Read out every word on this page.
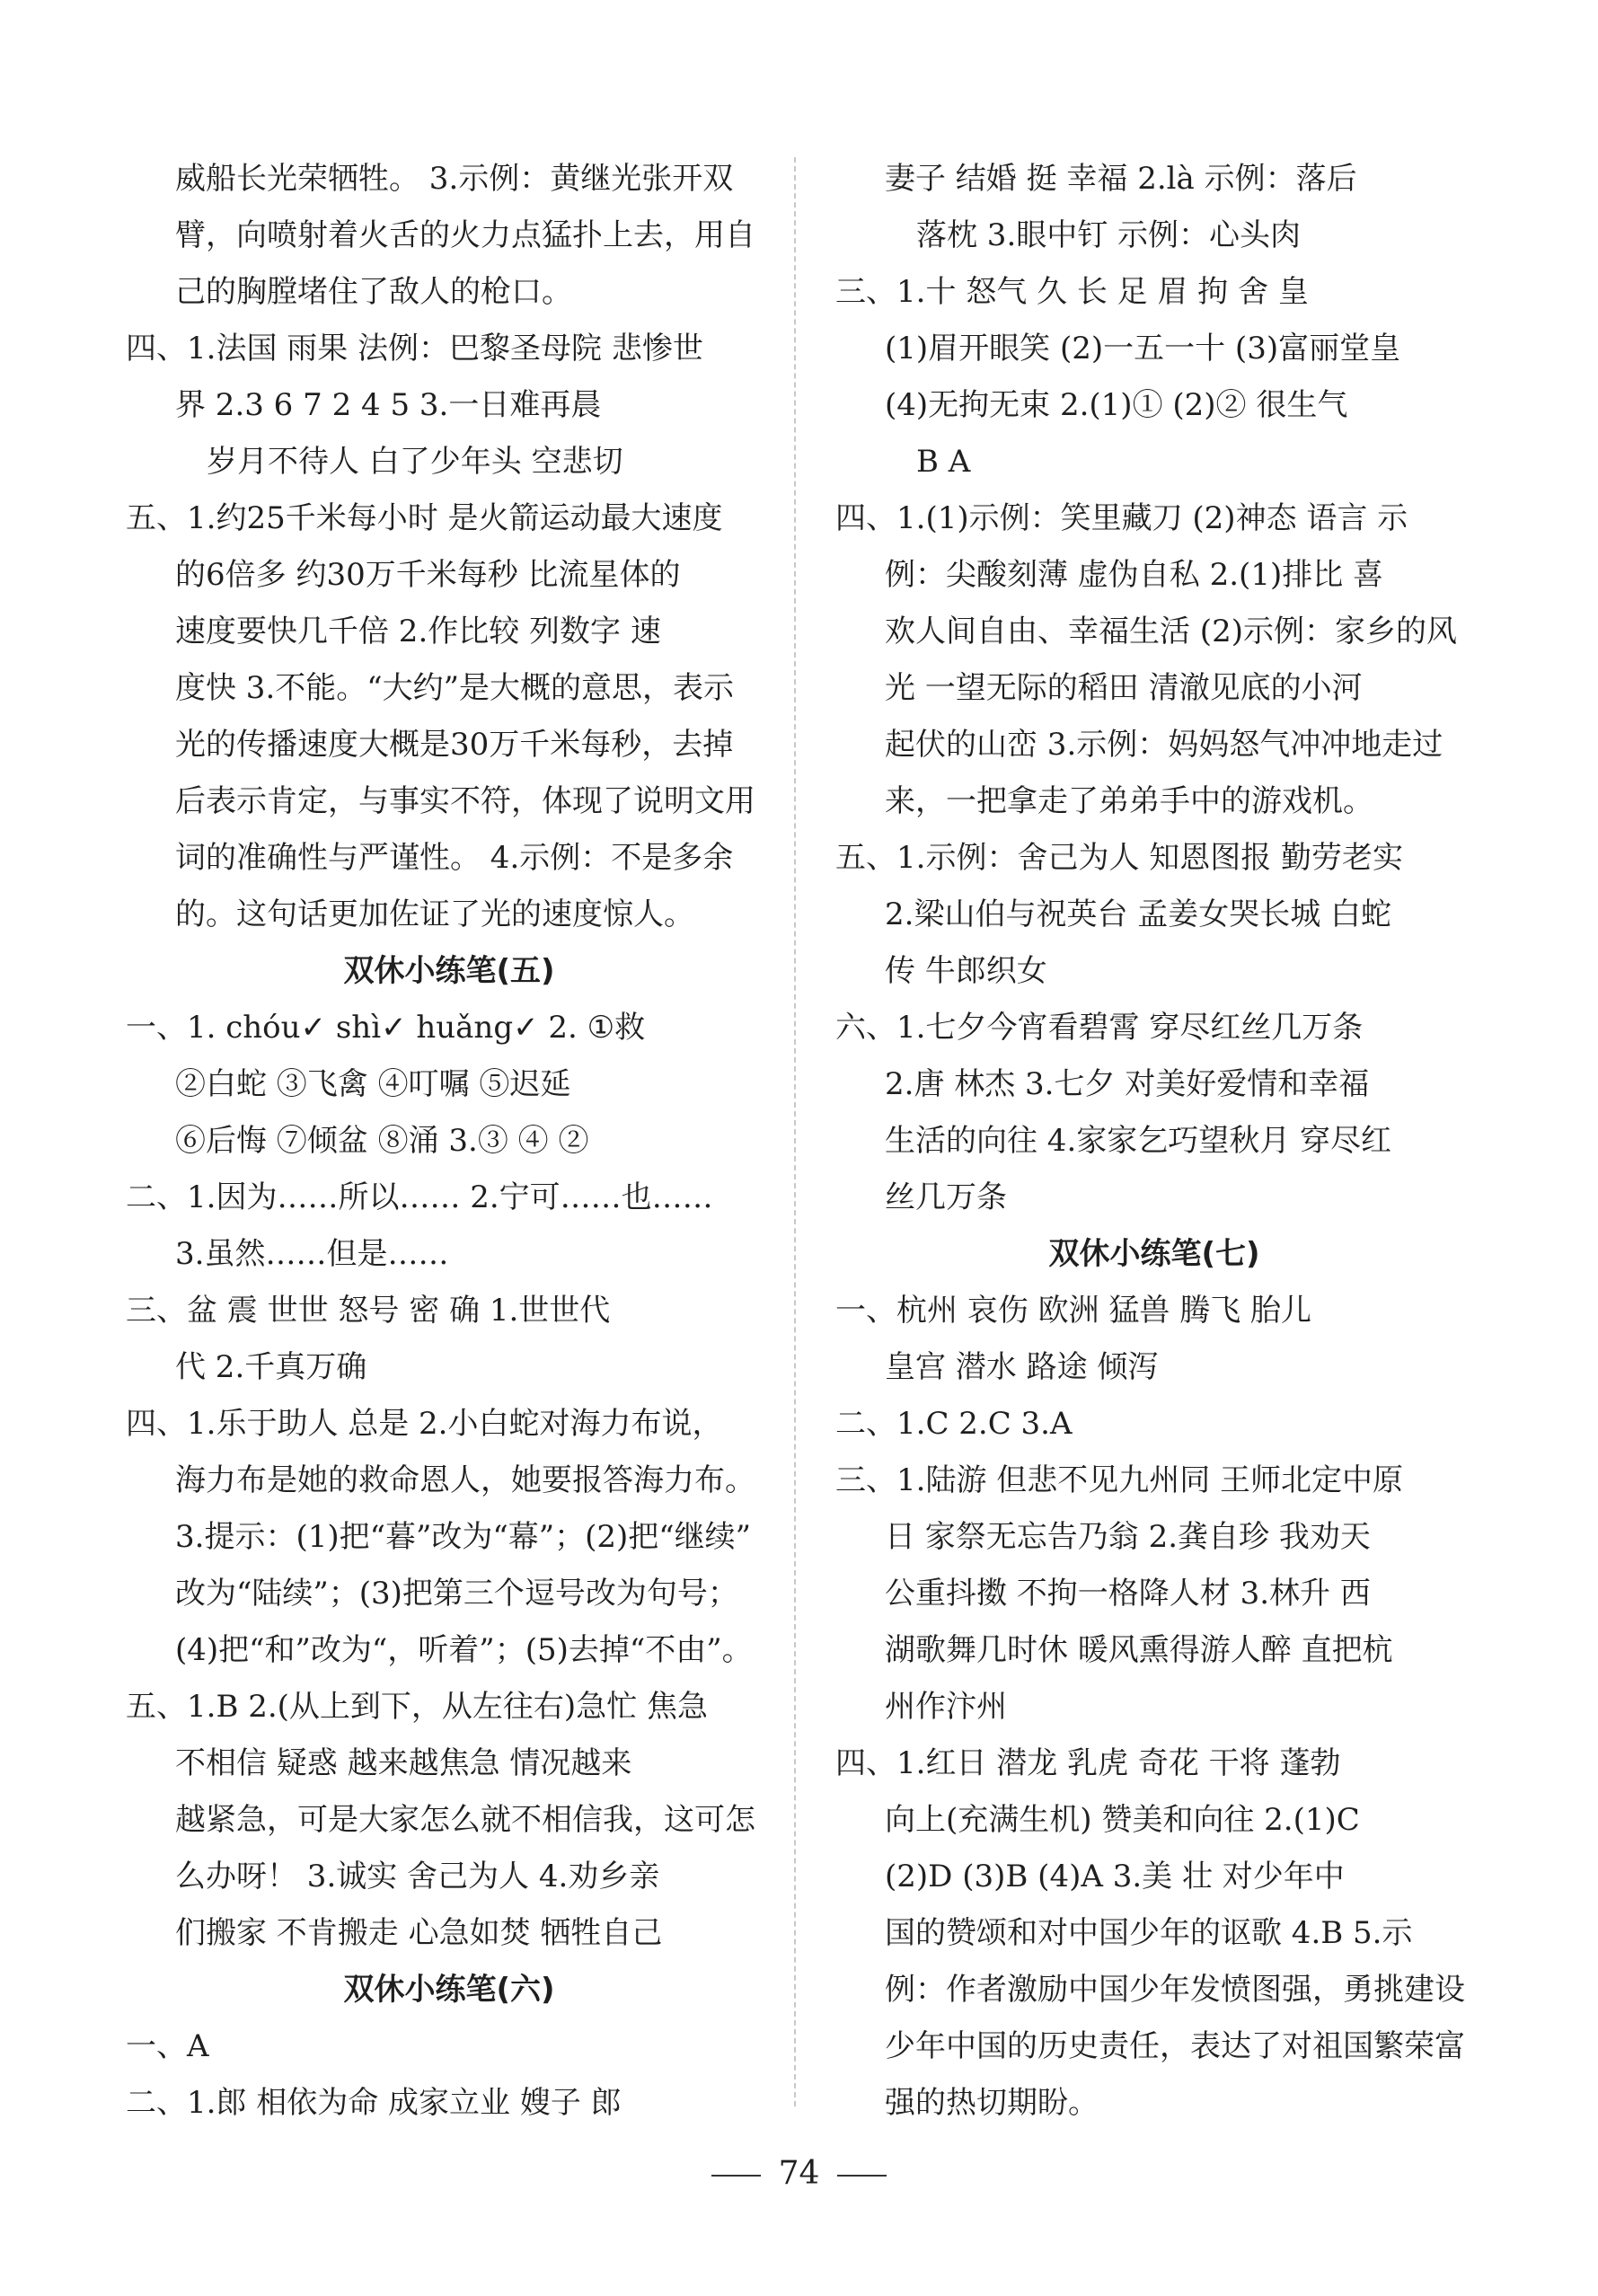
威船长光荣牺牲。 3.示例：黄继光张开双
臂，向喷射着火舌的火力点猛扑上去，用自
己的胸膛堵住了敌人的枪口。
四、1.法国 雨果 法例：巴黎圣母院 悲惨世
界 2.3 6 7 2 4 5 3.一日难再晨
岁月不待人 白了少年头 空悲切
五、1.约25千米每小时 是火箭运动最大速度
的6倍多 约30万千米每秒 比流星体的
速度要快几千倍 2.作比较 列数字 速
度快 3.不能。“大约”是大概的意思，表示
光的传播速度大概是30万千米每秒，去掉
后表示肯定，与事实不符，体现了说明文用
词的准确性与严谨性。 4.示例：不是多余
的。这句话更加佐证了光的速度惊人。
双休小练笔(五)
一、1. chóu✓ shì✓ huǎng✓ 2. ①救
②白蛇 ③飞禽 ④叮嘱 ⑤迟延
⑥后悔 ⑦倾盆 ⑧涌 3.③ ④ ②
二、1.因为……所以…… 2.宁可……也……
3.虽然……但是……
三、盆 震 世世 怒号 密 确 1.世世代
代 2.千真万确
四、1.乐于助人 总是 2.小白蛇对海力布说，
海力布是她的救命恩人，她要报答海力布。
3.提示：(1)把“暮”改为“幕”；(2)把“继续”
改为“陆续”；(3)把第三个逗号改为句号；
(4)把“和”改为“，听着”；(5)去掉“不由”。
五、1.B 2.(从上到下，从左往右)急忙 焦急
不相信 疑惑 越来越焦急 情况越来
越紧急，可是大家怎么就不相信我，这可怎
么办呀！ 3.诚实 舍己为人 4.劝乡亲
们搬家 不肯搬走 心急如焚 牺牲自己
双休小练笔(六)
一、A
二、1.郎 相依为命 成家立业 嫂子 郎
妻子 结婚 挺 幸福 2.là 示例：落后
落枕 3.眼中钉 示例：心头肉
三、1.十 怒气 久 长 足 眉 拘 舍 皇
(1)眉开眼笑 (2)一五一十 (3)富丽堂皇
(4)无拘无束 2.(1)① (2)② 很生气
B A
四、1.(1)示例：笑里藏刀 (2)神态 语言 示
例：尖酸刻薄 虚伪自私 2.(1)排比 喜
欢人间自由、幸福生活 (2)示例：家乡的风
光 一望无际的稻田 清澈见底的小河
起伏的山峦 3.示例：妈妈怒气冲冲地走过
来，一把拿走了弟弟手中的游戏机。
五、1.示例：舍己为人 知恩图报 勤劳老实
2.梁山伯与祝英台 孟姜女哭长城 白蛇
传 牛郎织女
六、1.七夕今宵看碧霄 穿尽红丝几万条
2.唐 林杰 3.七夕 对美好爱情和幸福
生活的向往 4.家家乞巧望秋月 穿尽红
丝几万条
双休小练笔(七)
一、杭州 哀伤 欧洲 猛兽 腾飞 胎儿
皇宫 潜水 路途 倾泻
二、1.C 2.C 3.A
三、1.陆游 但悲不见九州同 王师北定中原
日 家祭无忘告乃翁 2.龚自珍 我劝天
公重抖擞 不拘一格降人材 3.林升 西
湖歌舞几时休 暖风熏得游人醉 直把杭
州作汴州
四、1.红日 潜龙 乳虎 奇花 干将 蓬勃
向上(充满生机) 赞美和向往 2.(1)C
(2)D (3)B (4)A 3.美 壮 对少年中
国的赞颂和对中国少年的讴歌 4.B 5.示
例：作者激励中国少年发愤图强，勇挑建设
少年中国的历史责任，表达了对祖国繁荣富
强的热切期盼。
74
